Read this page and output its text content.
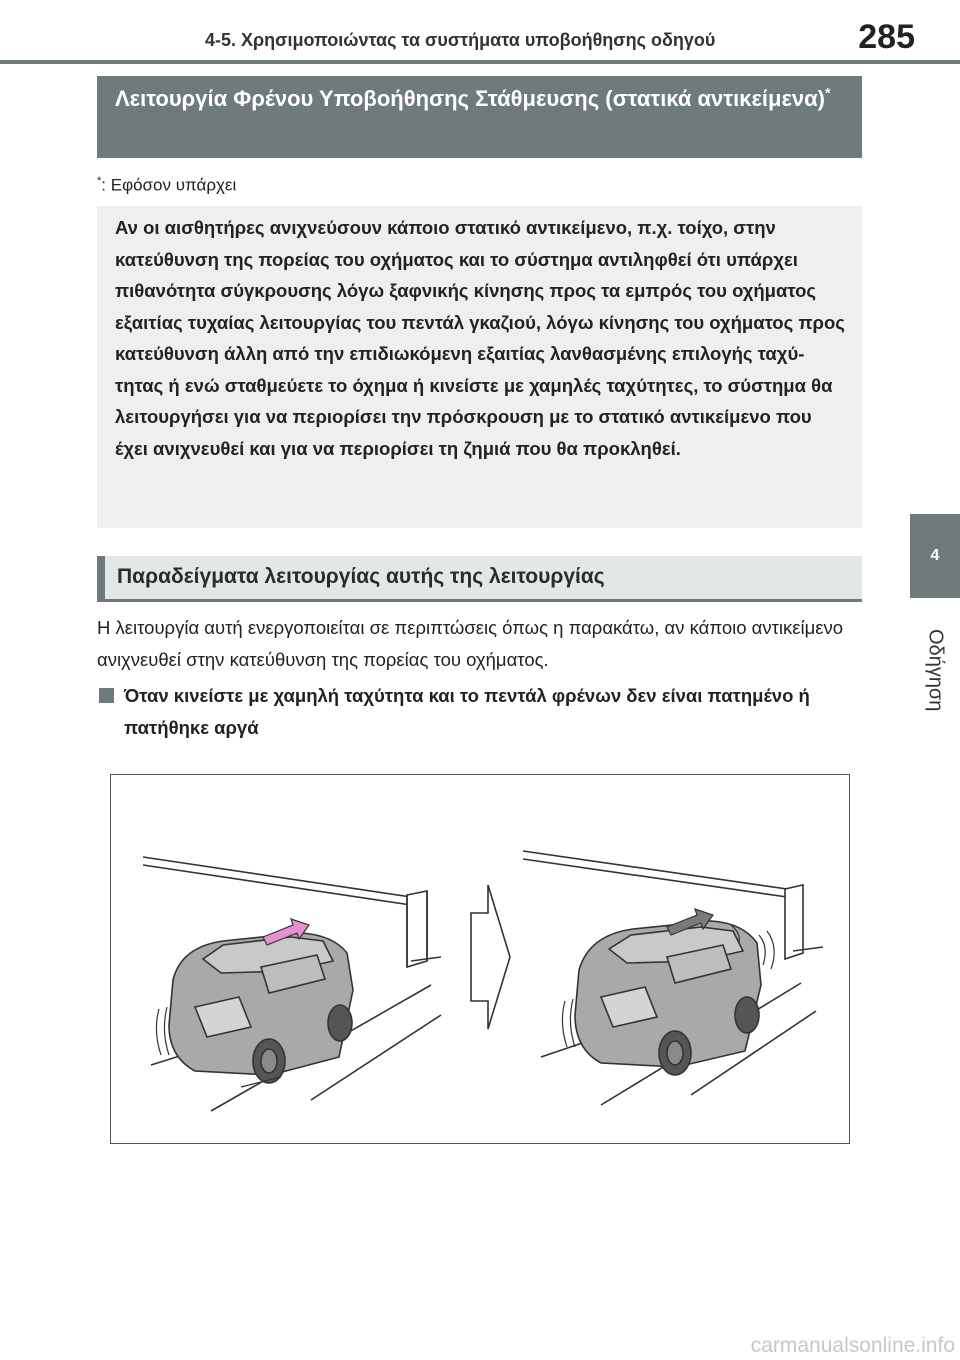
4-5. Χρησιμοποιώντας τα συστήματα υποβοήθησης οδηγού	285
4
Οδήγηση
Λειτουργία Φρένου Υποβοήθησης Στάθμευσης (στατικά αντικείμενα)*
*: Εφόσον υπάρχει

Αν οι αισθητήρες ανιχνεύσουν κάποιο στατικό αντικείμενο, π.χ. τοίχο, στην κατεύθυνση της πορείας του οχήματος και το σύστημα αντιληφθεί ότι υπάρχει πιθανότητα σύγκρουσης λόγω ξαφνικής κίνησης προς τα εμπρός του οχήματος εξαιτίας τυχαίας λειτουργίας του πεντάλ γκαζιού, λόγω κίνησης του οχήματος προς κατεύθυνση άλλη από την επιδιωκόμενη εξαιτίας λανθασμένης επιλογής ταχύ-τητας ή ενώ σταθμεύετε το όχημα ή κινείστε με χαμηλές ταχύτητες, το σύστημα θα λειτουργήσει για να περιορίσει την πρόσκρουση με το στατικό αντικείμενο που έχει ανιχνευθεί και για να περιορίσει τη ζημιά που θα προκληθεί.

Παραδείγματα λειτουργίας αυτής της λειτουργίας

Η λειτουργία αυτή ενεργοποιείται σε περιπτώσεις όπως η παρακάτω, αν κάποιο αντικείμενο ανιχνευθεί στην κατεύθυνση της πορείας του οχήματος.

Όταν κινείστε με χαμηλή ταχύτητα και το πεντάλ φρένων δεν είναι πατημένο ή πατήθηκε αργά

carmanualsonline.info
